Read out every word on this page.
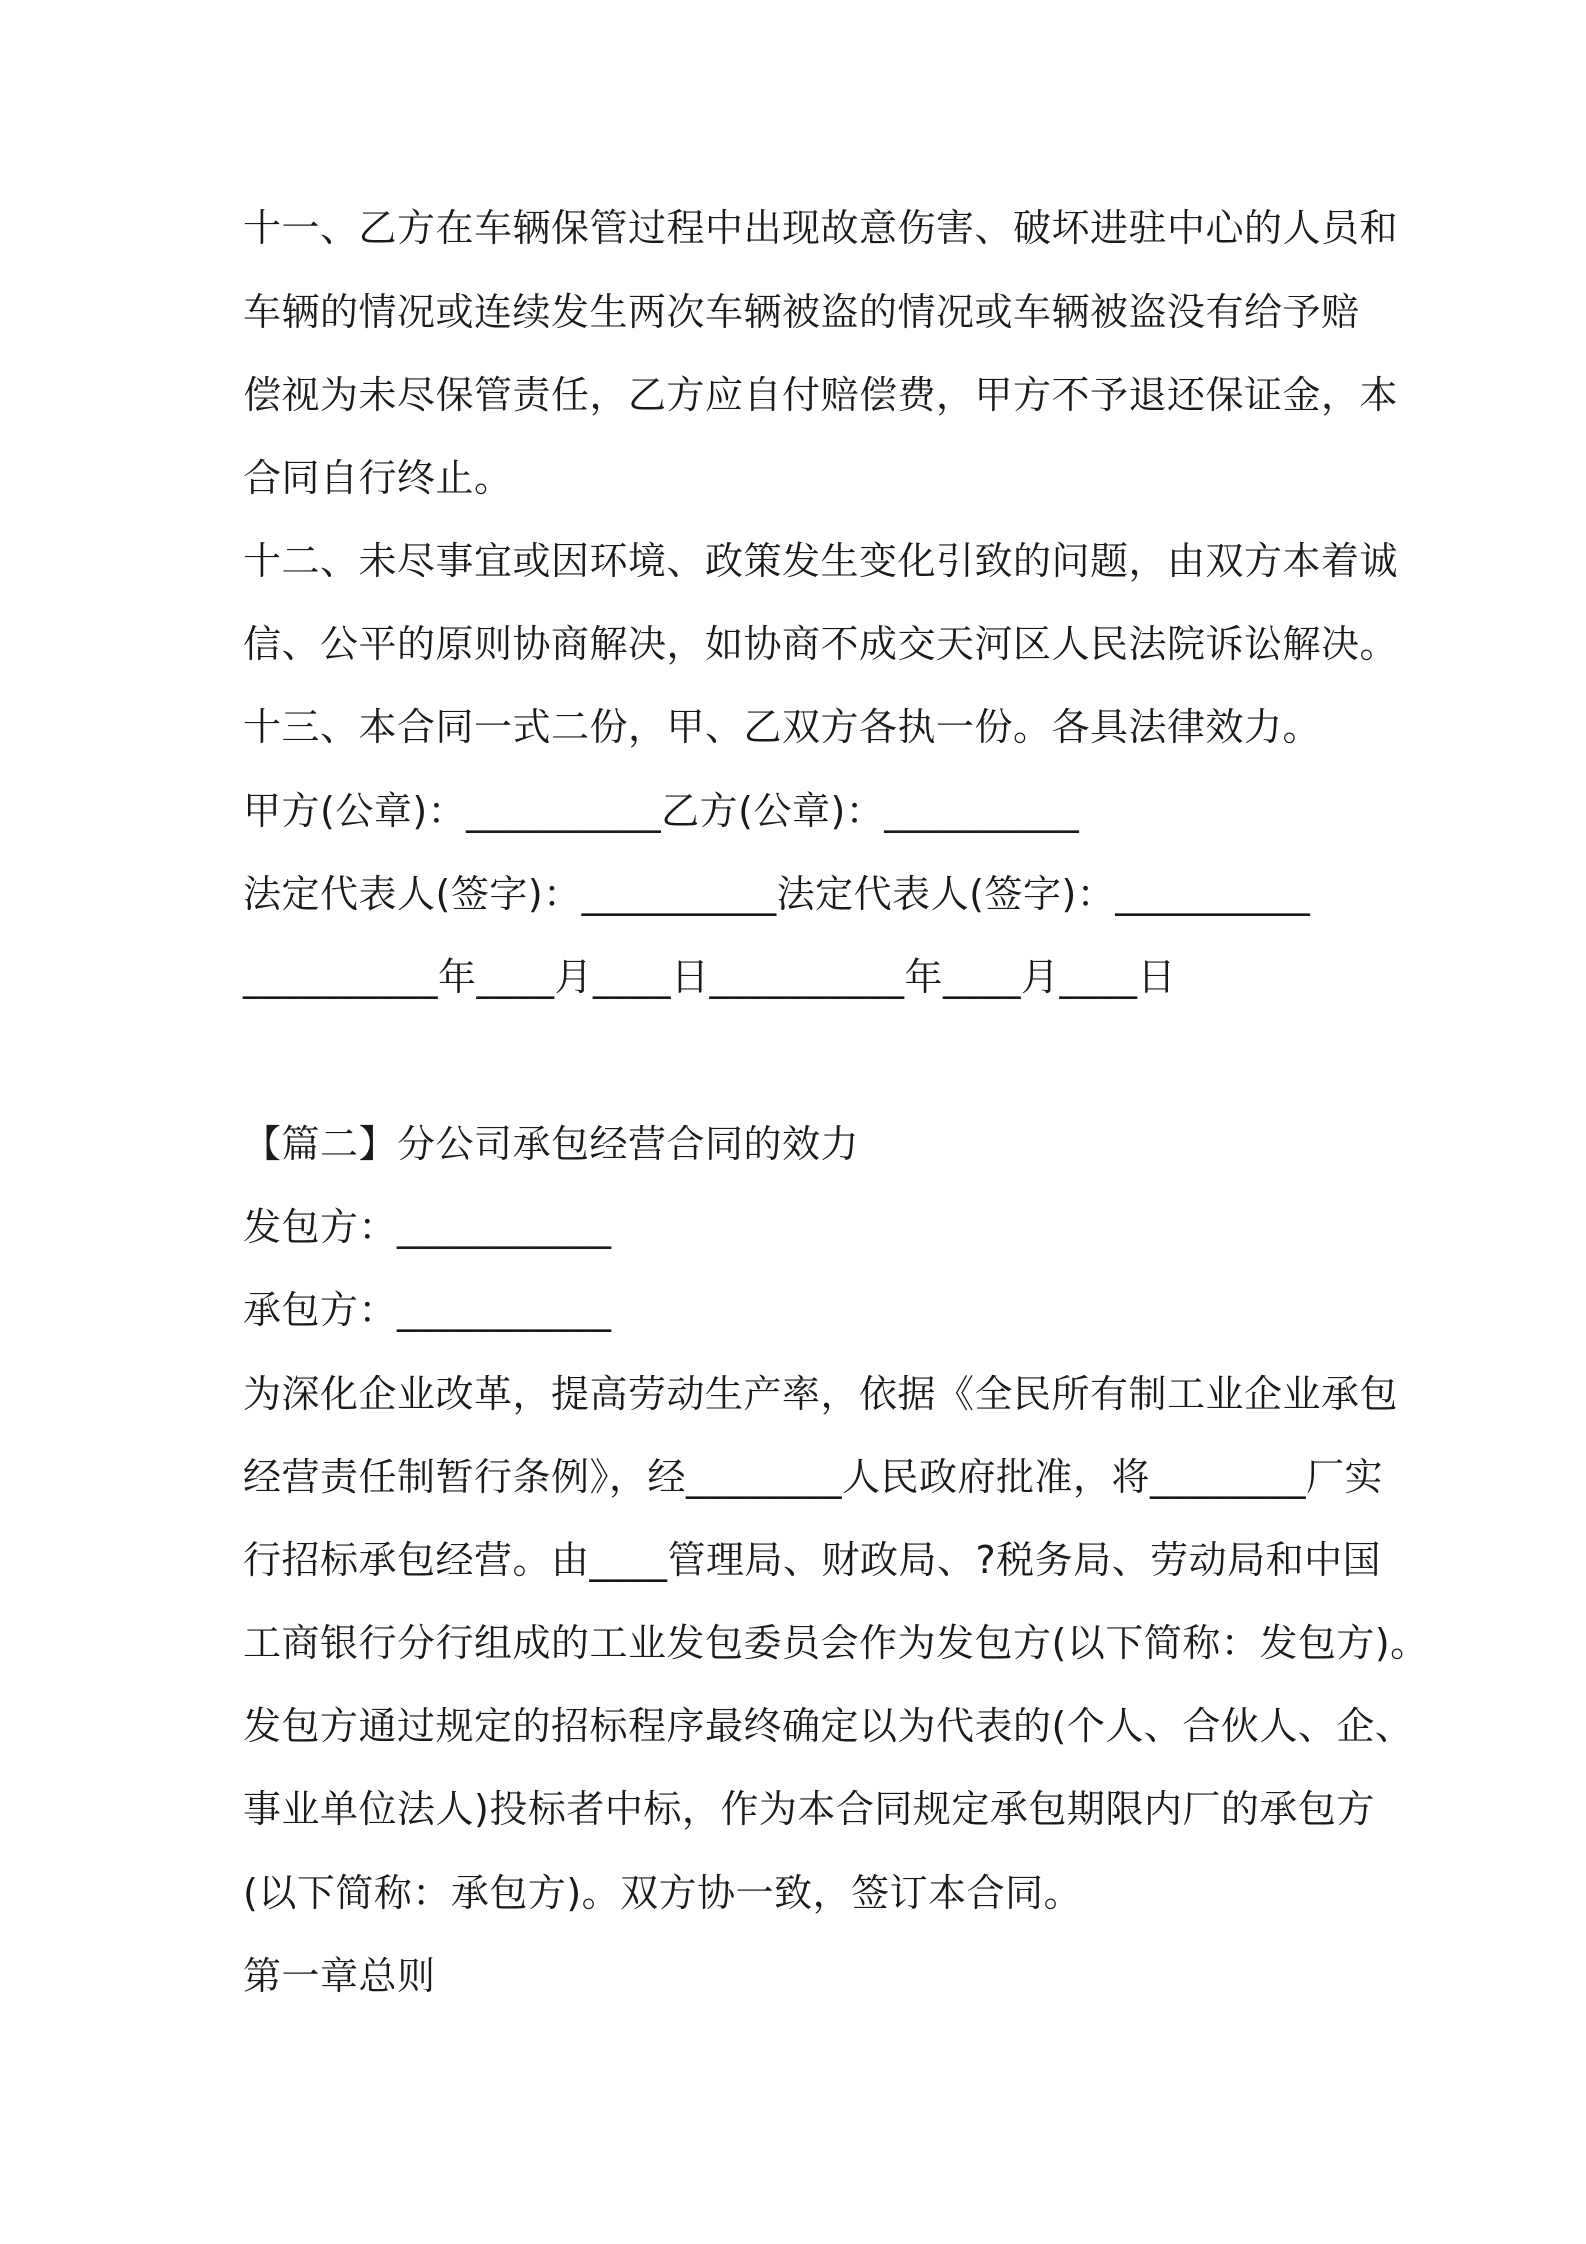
十一、乙方在车辆保管过程中出现故意伤害、破坏进驻中心的人员和
车辆的情况或连续发生两次车辆被盗的情况或车辆被盗没有给予赔
偿视为未尽保管责任，乙方应自付赔偿费，甲方不予退还保证金，本
合同自行终止。
十二、未尽事宜或因环境、政策发生变化引致的问题，由双方本着诚
信、公平的原则协商解决，如协商不成交天河区人民法院诉讼解决。
十三、本合同一式二份，甲、乙双方各执一份。各具法律效力。
甲方(公章)：__________乙方(公章)：__________
法定代表人(签字)：__________法定代表人(签字)：__________
__________年____月____日__________年____月____日
【篇二】分公司承包经营合同的效力
发包方：___________
承包方：___________
为深化企业改革，提高劳动生产率，依据《全民所有制工业企业承包
经营责任制暂行条例》，经________人民政府批准，将________厂实
行招标承包经营。由____管理局、财政局、?税务局、劳动局和中国
工商银行分行组成的工业发包委员会作为发包方(以下简称：发包方)。
发包方通过规定的招标程序最终确定以为代表的(个人、合伙人、企、
事业单位法人)投标者中标，作为本合同规定承包期限内厂的承包方
(以下简称：承包方)。双方协一致，签订本合同。
第一章总则
